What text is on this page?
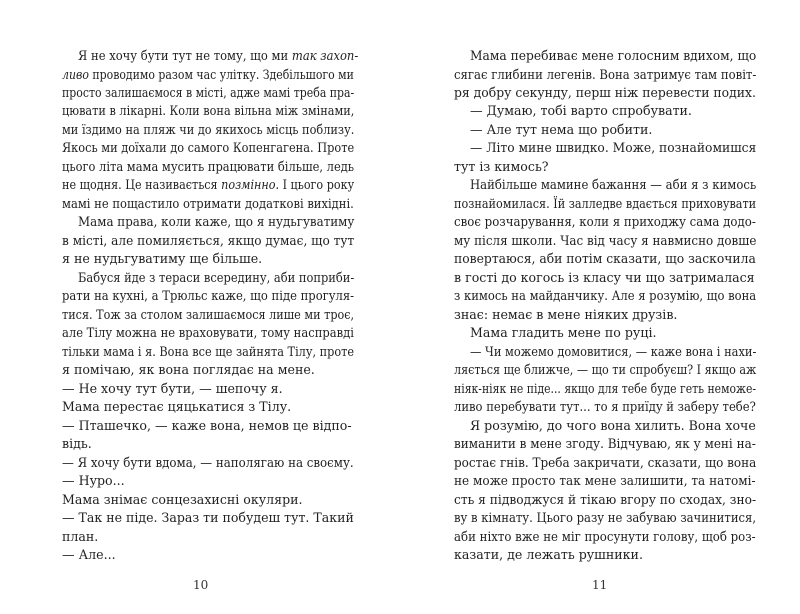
Я не хочу бути тут не тому, що ми так захоп-
ливо проводимо разом час улітку. Здебільшого ми
просто залишаємося в місті, адже мамі треба пра-
цювати в лікарні. Коли вона вільна між змінами,
ми їздимо на пляж чи до якихось місць поблизу.
Якось ми доїхали до самого Копенгагена. Проте
цього літа мама мусить працювати більше, ледь
не щодня. Це називається позмінно. І цього року
мамі не пощастило отримати додаткові вихідні.
Мама права, коли каже, що я нудьгуватиму
в місті, але помиляється, якщо думає, що тут
я не нудьгуватиму ще більше.
Бабуся йде з тераси всередину, аби поприби-
рати на кухні, а Трюльс каже, що піде прогуля-
тися. Тож за столом залишаємося лише ми троє,
але Тілу можна не враховувати, тому насправді
тільки мама і я. Вона все ще зайнята Тілу, проте
я помічаю, як вона поглядає на мене.
— Не хочу тут бути, — шепочу я.
Мама перестає цяцькатися з Тілу.
— Пташечко, — каже вона, немов це відпо-
відь.
— Я хочу бути вдома, — наполягаю на своєму.
— Нуро...
Мама знімає сонцезахисні окуляри.
— Так не піде. Зараз ти побудеш тут. Такий
план.
— Але...
10
Мама перебиває мене голосним вдихом, що
сягає глибини легенів. Вона затримує там повіт-
ря добру секунду, перш ніж перевести подих.
— Думаю, тобі варто спробувати.
— Але тут нема що робити.
— Літо мине швидко. Може, познайомишся
тут із кимось?
Найбільше мамине бажання — аби я з кимось
познайомилася. Їй залледве вдається приховувати
своє розчарування, коли я приходжу сама додо-
му після школи. Час від часу я навмисно довше
повертаюся, аби потім сказати, що заскочила
в гості до когось із класу чи що затрималася
з кимось на майданчику. Але я розумію, що вона
знає: немає в мене ніяких друзів.
Мама гладить мене по руці.
— Чи можемо домовитися, — каже вона і нахи-
ляється ще ближче, — що ти спробуєш? І якщо аж
ніяк-ніяк не піде... якщо для тебе буде геть неможе-
ливо перебувати тут... то я приїду й заберу тебе?
Я розумію, до чого вона хилить. Вона хоче
виманити в мене згоду. Відчуваю, як у мені на-
ростає гнів. Треба закричати, сказати, що вона
не може просто так мене залишити, та натомі-
сть я підводжуся й тікаю вгору по сходах, зно-
ву в кімнату. Цього разу не забуваю зачинитися,
аби ніхто вже не міг просунути голову, щоб роз-
казати, де лежать рушники.
11
